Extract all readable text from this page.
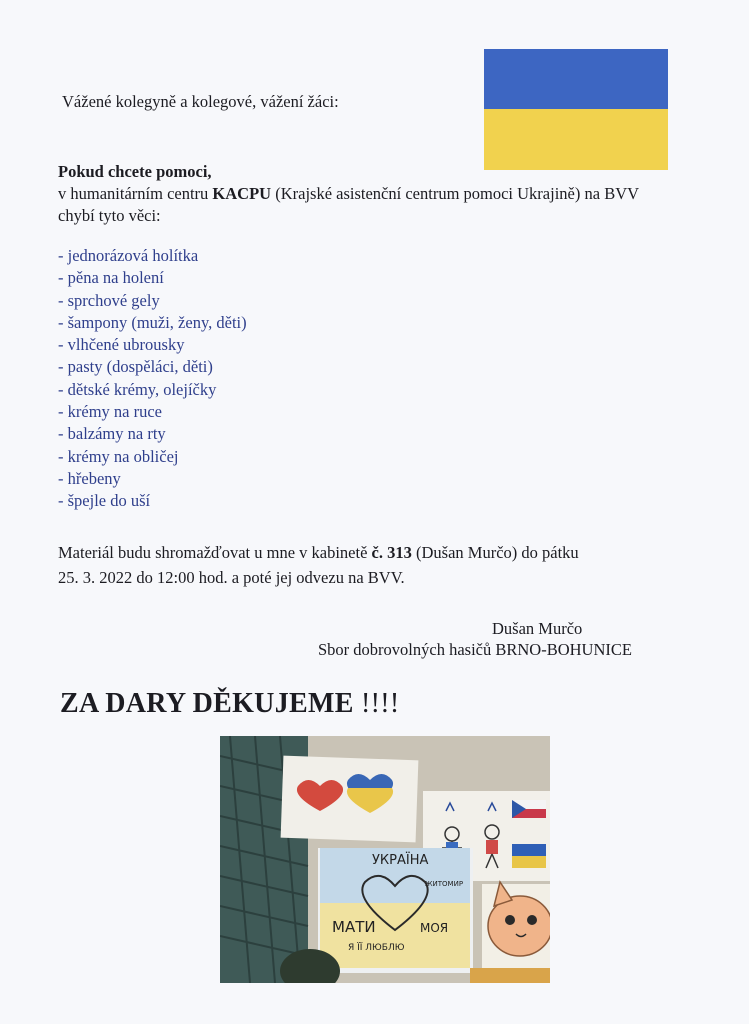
Vážené kolegyně a kolegové, vážení žáci:
Pokud chcete pomoci,
v humanitárním centru KACPU (Krajské asistenční centrum pomoci Ukrajině) na BVV
chybí tyto věci:
- jednorázová holítka
- pěna na holení
- sprchové gely
- šampony (muži, ženy, děti)
- vlhčené ubrousky
- pasty (dospěláci, děti)
- dětské krémy, olejíčky
- krémy na ruce
- balzámy na rty
- krémy na obličej
- hřebeny
- špejle do uší
Materiál budu shromažďovat u mne v kabinetě č. 313 (Dušan Murčo) do pátku
25. 3. 2022 do 12:00 hod. a poté jej odvezu na BVV.
Dušan Murčo
Sbor dobrovolných hasičů BRNO-BOHUNICE
ZA DARY DĚKUJEME !!!!
УКРАЇНА
ЖИТОМИР
МАТИ	МОЯ
Я ЇЇ ЛЮБЛЮ
